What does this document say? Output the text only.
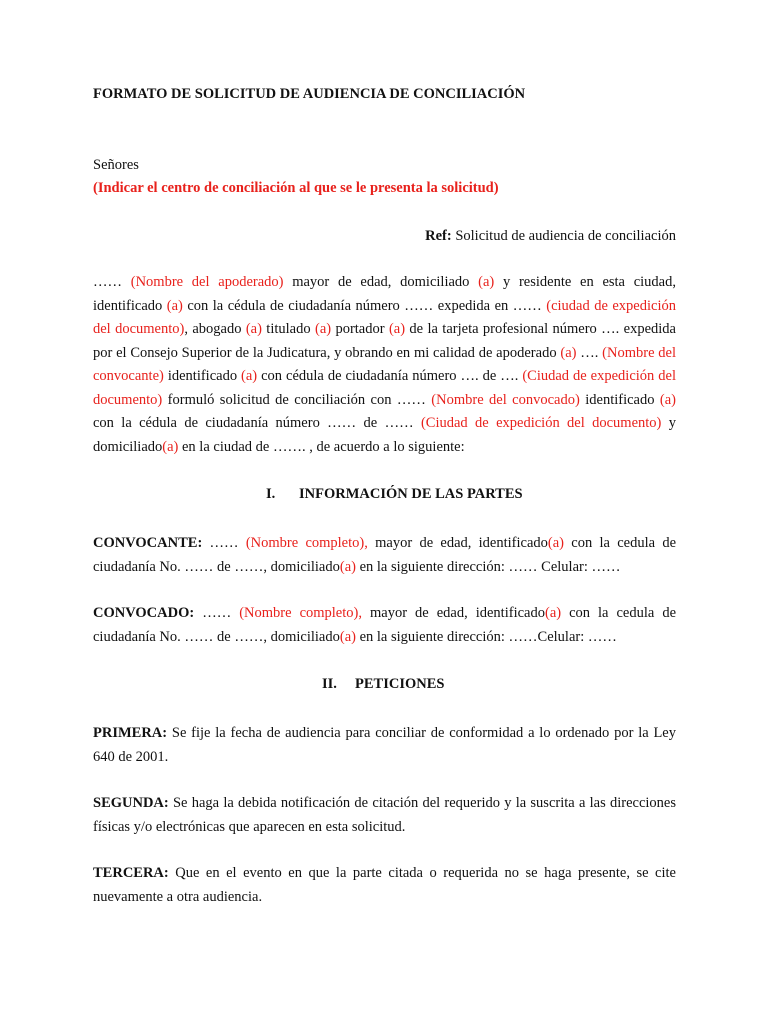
FORMATO DE SOLICITUD DE AUDIENCIA DE CONCILIACIÓN
Señores
(Indicar el centro de conciliación al que se le presenta la solicitud)
Ref: Solicitud de audiencia de conciliación
…… (Nombre del apoderado) mayor de edad, domiciliado (a) y residente en esta ciudad, identificado (a) con la cédula de ciudadanía número …… expedida en …… (ciudad de expedición del documento), abogado (a) titulado (a) portador (a) de la tarjeta profesional número …. expedida por el Consejo Superior de la Judicatura, y obrando en mi calidad de apoderado (a) …. (Nombre del convocante) identificado (a) con cédula de ciudadanía número …. de …. (Ciudad de expedición del documento) formuló solicitud de conciliación con …… (Nombre del convocado) identificado (a) con la cédula de ciudadanía número …… de …… (Ciudad de expedición del documento) y domiciliado(a) en la ciudad de ……. , de acuerdo a lo siguiente:
I. INFORMACIÓN DE LAS PARTES
CONVOCANTE: …… (Nombre completo), mayor de edad, identificado(a) con la cedula de ciudadanía No. …… de ……, domiciliado(a) en la siguiente dirección: …… Celular: ……
CONVOCADO: …… (Nombre completo), mayor de edad, identificado(a) con la cedula de ciudadanía No. …… de ……, domiciliado(a) en la siguiente dirección: ……Celular: ……
II. PETICIONES
PRIMERA: Se fije la fecha de audiencia para conciliar de conformidad a lo ordenado por la Ley 640 de 2001.
SEGUNDA: Se haga la debida notificación de citación del requerido y la suscrita a las direcciones físicas y/o electrónicas que aparecen en esta solicitud.
TERCERA: Que en el evento en que la parte citada o requerida no se haga presente, se cite nuevamente a otra audiencia.
